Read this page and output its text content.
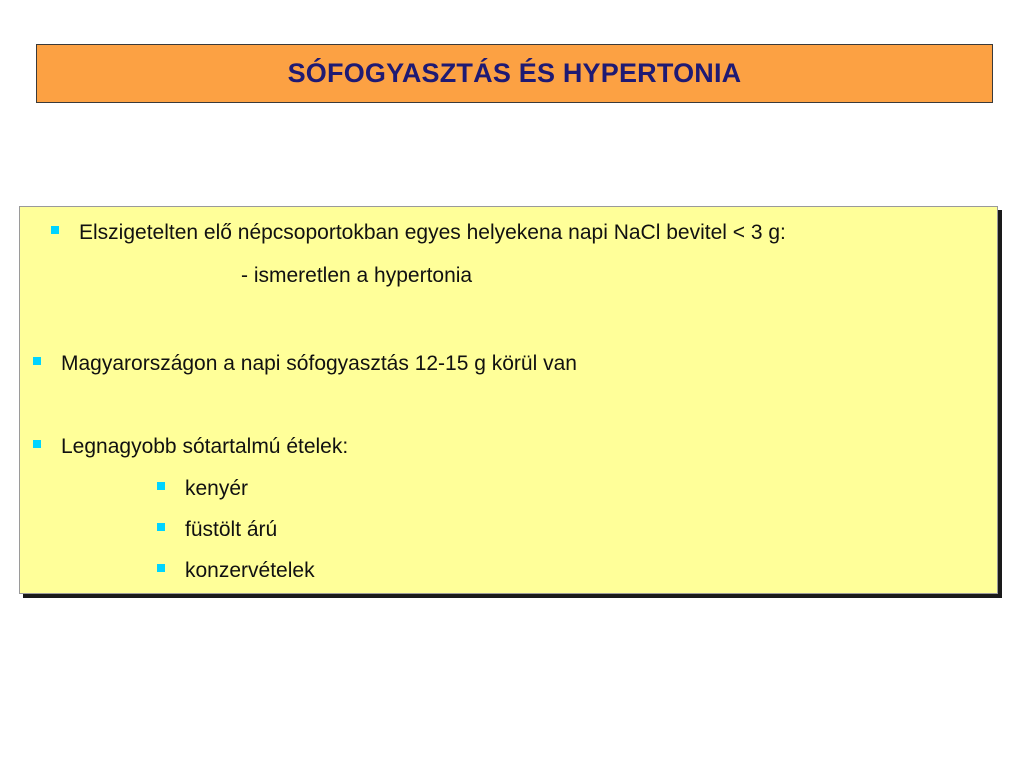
SÓFOGYASZTÁS ÉS HYPERTONIA
Elszigetelten elő népcsoportokban egyes helyekena napi NaCl bevitel < 3 g:
- ismeretlen a hypertonia
Magyarországon a napi sófogyasztás 12-15 g körül van
Legnagyobb sótartalmú ételek:
kenyér
füstölt árú
konzervételek
